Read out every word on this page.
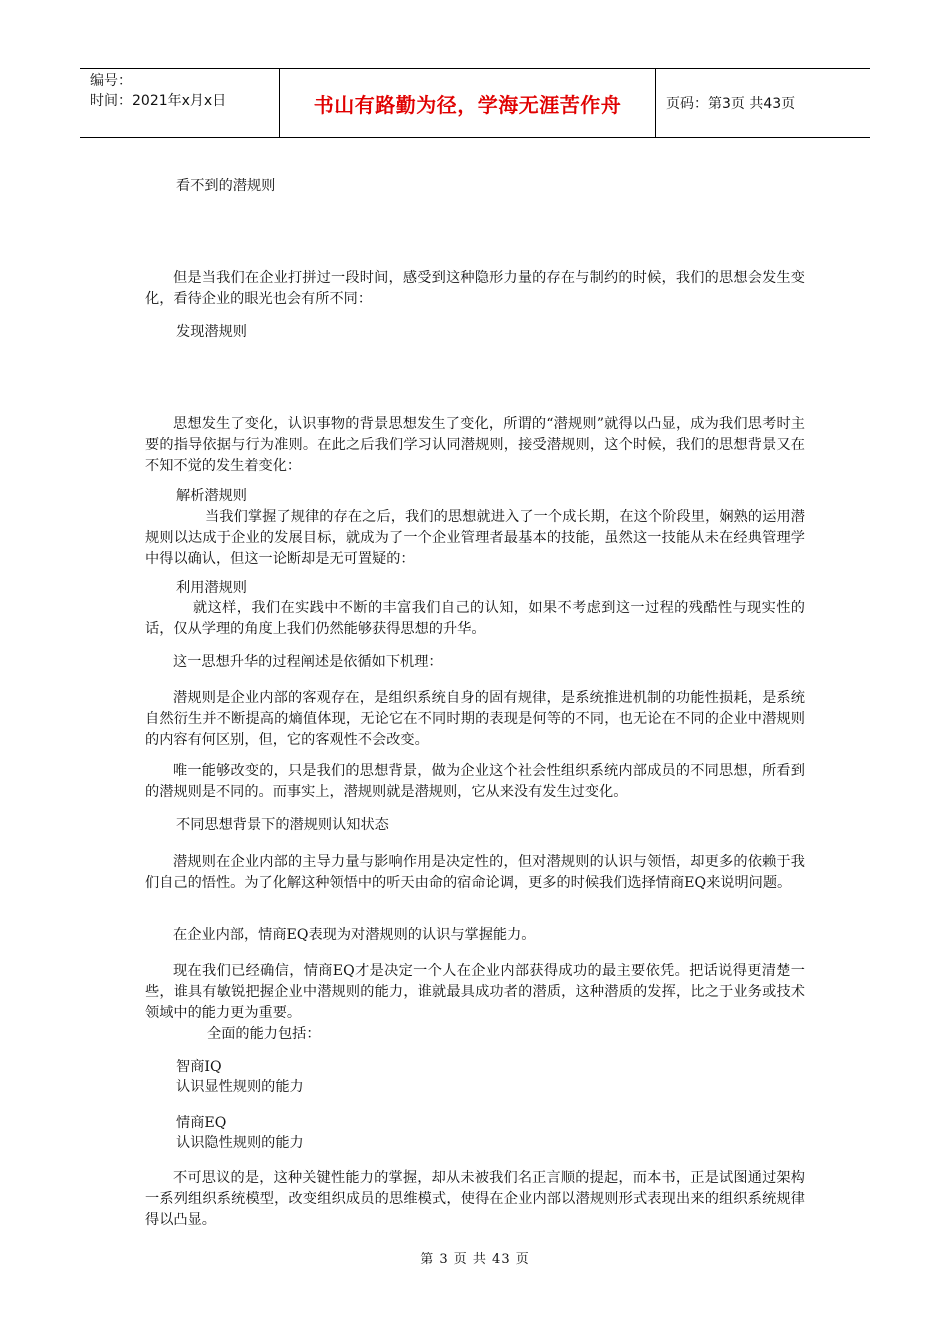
编号：
时间：2021年x月x日	书山有路勤为径，学海无涯苦作舟	页码：第3页 共43页
看不到的潜规则

但是当我们在企业打拼过一段时间，感受到这种隐形力量的存在与制约的时候，我们的思想会发生变化，看待企业的眼光也会有所不同：

发现潜规则

思想发生了变化，认识事物的背景思想发生了变化，所谓的“潜规则”就得以凸显，成为我们思考时主要的指导依据与行为准则。在此之后我们学习认同潜规则，接受潜规则，这个时候，我们的思想背景又在不知不觉的发生着变化：

解析潜规则

当我们掌握了规律的存在之后，我们的思想就进入了一个成长期，在这个阶段里，娴熟的运用潜规则以达成于企业的发展目标，就成为了一个企业管理者最基本的技能，虽然这一技能从未在经典管理学中得以确认，但这一论断却是无可置疑的：

利用潜规则

就这样，我们在实践中不断的丰富我们自己的认知，如果不考虑到这一过程的残酷性与现实性的话，仅从学理的角度上我们仍然能够获得思想的升华。

这一思想升华的过程阐述是依循如下机理：

潜规则是企业内部的客观存在，是组织系统自身的固有规律，是系统推进机制的功能性损耗，是系统自然衍生并不断提高的熵值体现，无论它在不同时期的表现是何等的不同，也无论在不同的企业中潜规则的内容有何区别，但，它的客观性不会改变。

唯一能够改变的，只是我们的思想背景，做为企业这个社会性组织系统内部成员的不同思想，所看到的潜规则是不同的。而事实上，潜规则就是潜规则，它从来没有发生过变化。

不同思想背景下的潜规则认知状态

潜规则在企业内部的主导力量与影响作用是决定性的，但对潜规则的认识与领悟，却更多的依赖于我们自己的悟性。为了化解这种领悟中的听天由命的宿命论调，更多的时候我们选择情商EQ来说明问题。

在企业内部，情商EQ表现为对潜规则的认识与掌握能力。

现在我们已经确信，情商EQ才是决定一个人在企业内部获得成功的最主要依凭。把话说得更清楚一些，谁具有敏锐把握企业中潜规则的能力，谁就最具成功者的潜质，这种潜质的发挥，比之于业务或技术领域中的能力更为重要。

全面的能力包括：
智商IQ
认识显性规则的能力
情商EQ
认识隐性规则的能力

不可思议的是，这种关键性能力的掌握，却从未被我们名正言顺的提起，而本书，正是试图通过架构一系列组织系统模型，改变组织成员的思维模式，使得在企业内部以潜规则形式表现出来的组织系统规律得以凸显。

第 3 页 共 43 页
